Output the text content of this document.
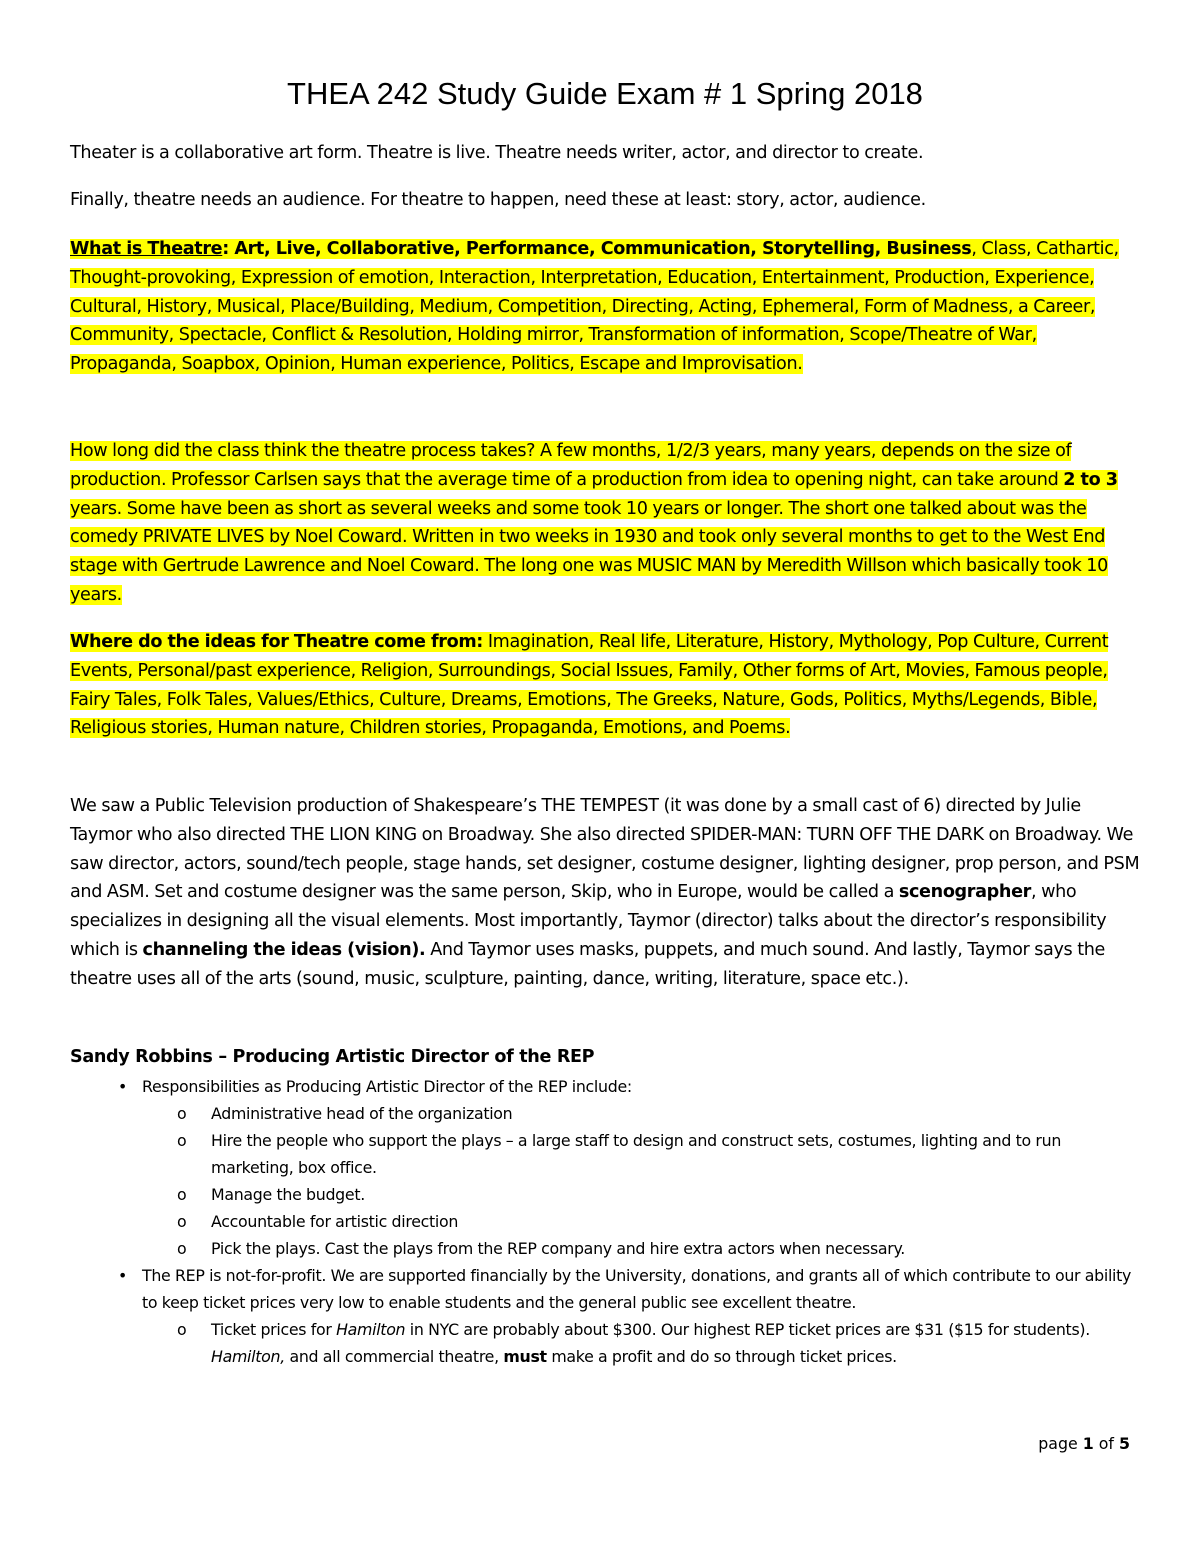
THEA 242 Study Guide Exam # 1 Spring 2018
Theater is a collaborative art form. Theatre is live. Theatre needs writer, actor, and director to create.
Finally, theatre needs an audience. For theatre to happen, need these at least: story, actor, audience.
What is Theatre: Art, Live, Collaborative, Performance, Communication, Storytelling, Business, Class, Cathartic, Thought-provoking, Expression of emotion, Interaction, Interpretation, Education, Entertainment, Production, Experience, Cultural, History, Musical, Place/Building, Medium, Competition, Directing, Acting, Ephemeral, Form of Madness, a Career, Community, Spectacle, Conflict & Resolution, Holding mirror, Transformation of information, Scope/Theatre of War, Propaganda, Soapbox, Opinion, Human experience, Politics, Escape and Improvisation.
How long did the class think the theatre process takes? A few months, 1/2/3 years, many years, depends on the size of production. Professor Carlsen says that the average time of a production from idea to opening night, can take around 2 to 3 years. Some have been as short as several weeks and some took 10 years or longer. The short one talked about was the comedy PRIVATE LIVES by Noel Coward. Written in two weeks in 1930 and took only several months to get to the West End stage with Gertrude Lawrence and Noel Coward. The long one was MUSIC MAN by Meredith Willson which basically took 10 years.
Where do the ideas for Theatre come from: Imagination, Real life, Literature, History, Mythology, Pop Culture, Current Events, Personal/past experience, Religion, Surroundings, Social Issues, Family, Other forms of Art, Movies, Famous people, Fairy Tales, Folk Tales, Values/Ethics, Culture, Dreams, Emotions, The Greeks, Nature, Gods, Politics, Myths/Legends, Bible, Religious stories, Human nature, Children stories, Propaganda, Emotions, and Poems.
We saw a Public Television production of Shakespeare’s THE TEMPEST (it was done by a small cast of 6) directed by Julie Taymor who also directed THE LION KING on Broadway. She also directed SPIDER-MAN: TURN OFF THE DARK on Broadway. We saw director, actors, sound/tech people, stage hands, set designer, costume designer, lighting designer, prop person, and PSM and ASM. Set and costume designer was the same person, Skip, who in Europe, would be called a scenographer, who specializes in designing all the visual elements. Most importantly, Taymor (director) talks about the director’s responsibility which is channeling the ideas (vision). And Taymor uses masks, puppets, and much sound. And lastly, Taymor says the theatre uses all of the arts (sound, music, sculpture, painting, dance, writing, literature, space etc.).
Sandy Robbins – Producing Artistic Director of the REP
• Responsibilities as Producing Artistic Director of the REP include:
o Administrative head of the organization
o Hire the people who support the plays – a large staff to design and construct sets, costumes, lighting and to run marketing, box office.
o Manage the budget.
o Accountable for artistic direction
o Pick the plays. Cast the plays from the REP company and hire extra actors when necessary.
• The REP is not-for-profit. We are supported financially by the University, donations, and grants all of which contribute to our ability to keep ticket prices very low to enable students and the general public see excellent theatre.
o Ticket prices for Hamilton in NYC are probably about $300. Our highest REP ticket prices are $31 ($15 for students). Hamilton, and all commercial theatre, must make a profit and do so through ticket prices.
page 1 of 5
